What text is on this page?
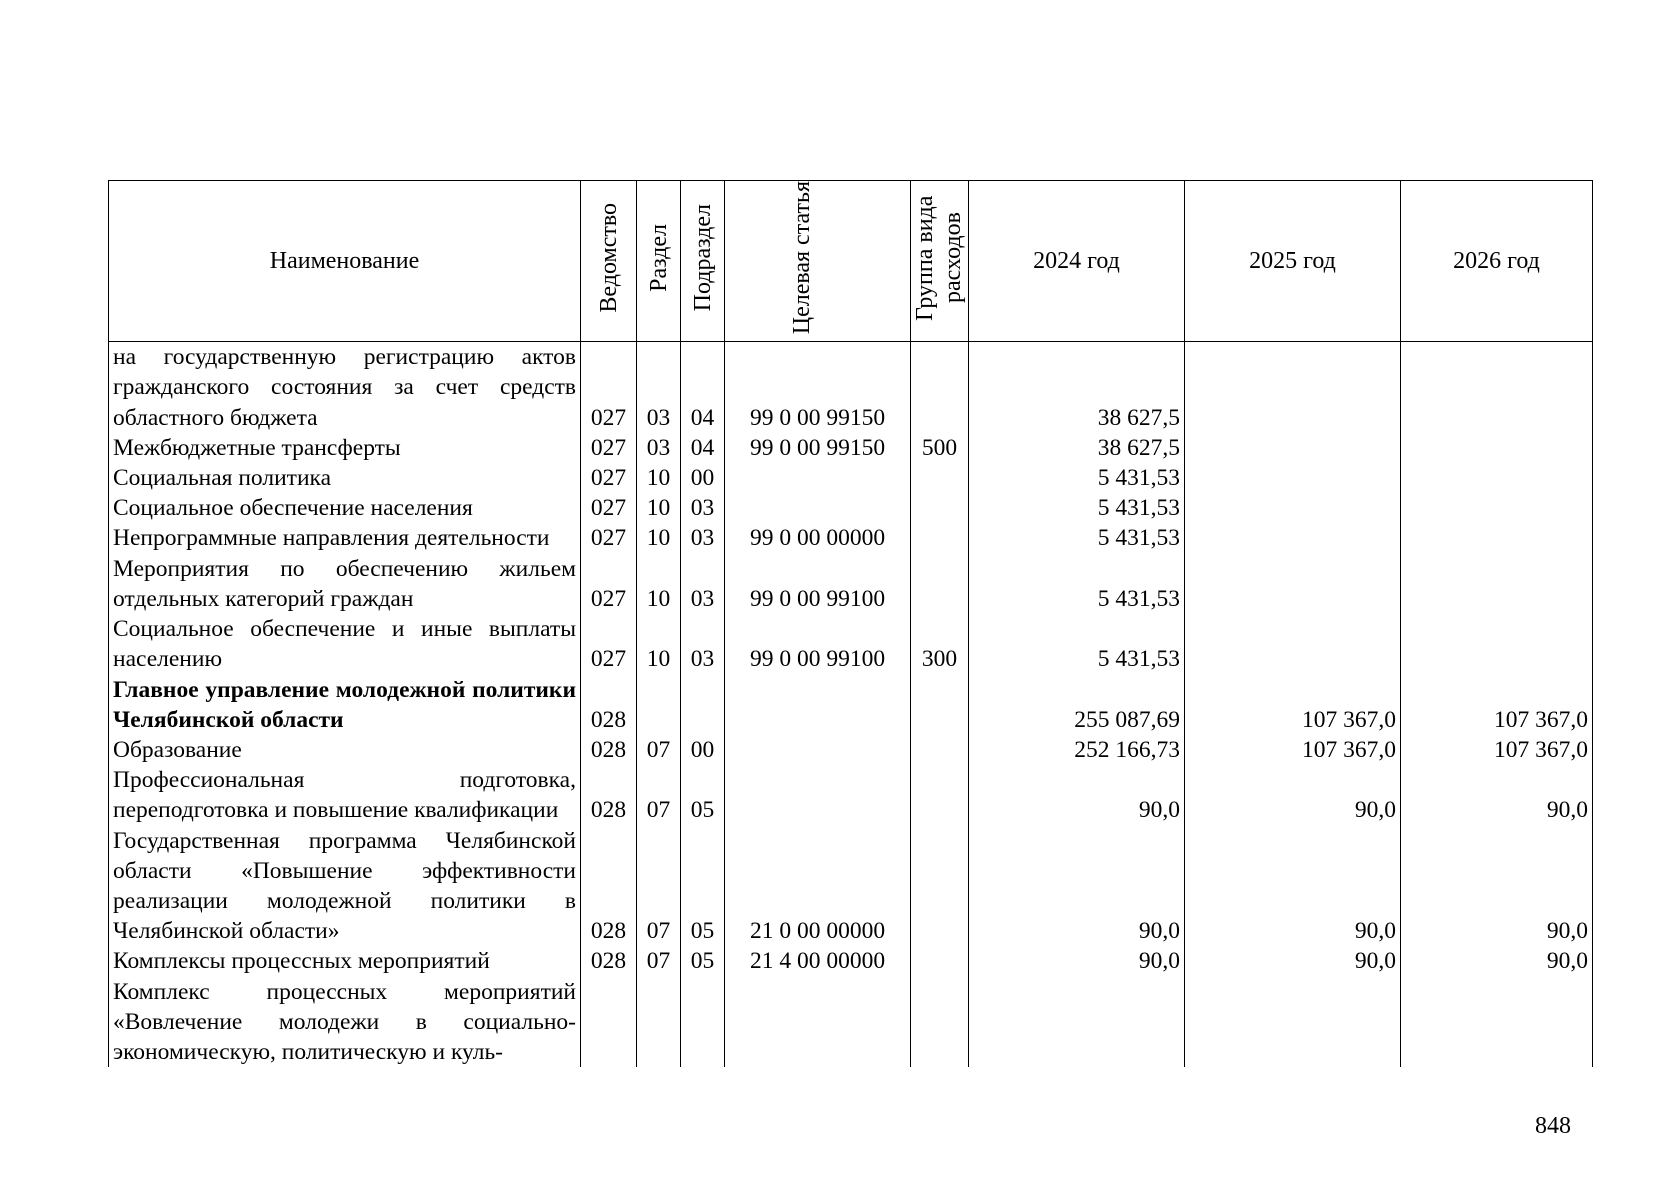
Наименование	Ведомство	Раздел	Подраздел	Целевая статья	Группа вида расходов	2024 год	2025 год	2026 год
на государственную регистрацию актов гражданского состояния за счет средств областного бюджета	027	03	04	99 0 00 99150		38 627,5		
Межбюджетные трансферты	027	03	04	99 0 00 99150	500	38 627,5		
Социальная политика	027	10	00			5 431,53		
Социальное обеспечение населения	027	10	03			5 431,53		
Непрограммные направления деятельности	027	10	03	99 0 00 00000		5 431,53		
Мероприятия по обеспечению жильем отдельных категорий граждан	027	10	03	99 0 00 99100		5 431,53		
Социальное обеспечение и иные выплаты населению	027	10	03	99 0 00 99100	300	5 431,53		
Главное управление молодежной политики Челябинской области	028					255 087,69	107 367,0	107 367,0
Образование	028	07	00			252 166,73	107 367,0	107 367,0
Профессиональная подготовка, переподготовка и повышение квалификации	028	07	05			90,0	90,0	90,0
Государственная программа Челябинской области «Повышение эффективности реализации молодежной политики в Челябинской области»	028	07	05	21 0 00 00000		90,0	90,0	90,0
Комплексы процессных мероприятий	028	07	05	21 4 00 00000		90,0	90,0	90,0
Комплекс процессных мероприятий «Вовлечение молодежи в социально-экономическую, политическую и куль-								
848
